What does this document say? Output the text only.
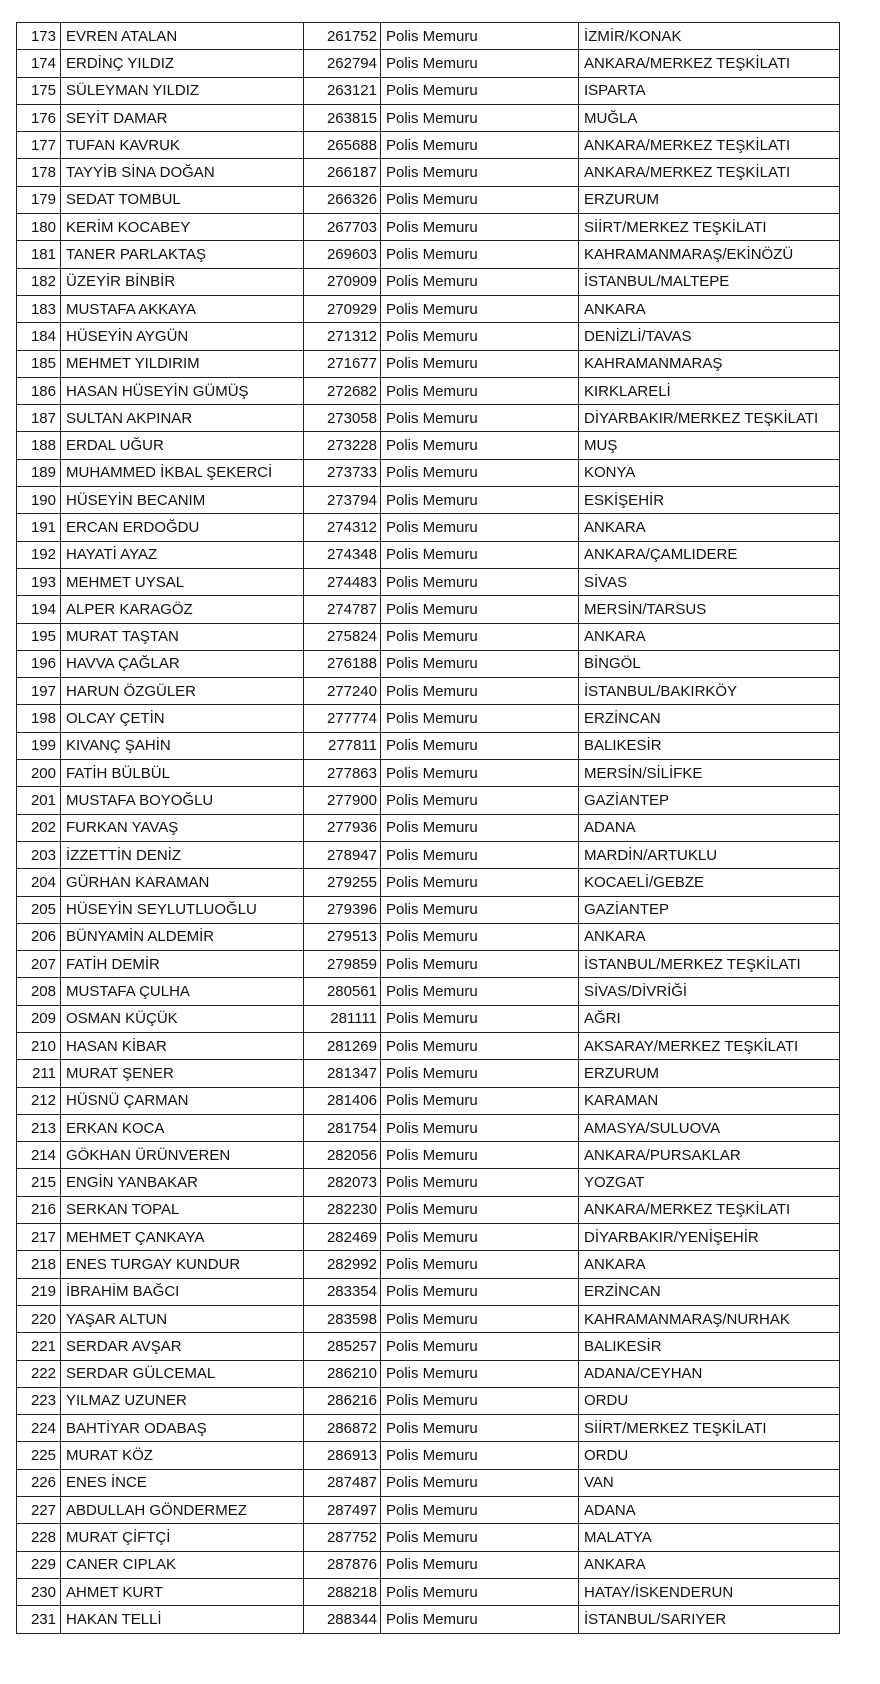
173	EVREN ATALAN	261752	Polis Memuru	İZMİR/KONAK
174	ERDİNÇ YILDIZ	262794	Polis Memuru	ANKARA/MERKEZ TEŞKİLATI
175	SÜLEYMAN YILDIZ	263121	Polis Memuru	ISPARTA
176	SEYİT DAMAR	263815	Polis Memuru	MUĞLA
177	TUFAN KAVRUK	265688	Polis Memuru	ANKARA/MERKEZ TEŞKİLATI
178	TAYYİB SİNA DOĞAN	266187	Polis Memuru	ANKARA/MERKEZ TEŞKİLATI
179	SEDAT TOMBUL	266326	Polis Memuru	ERZURUM
180	KERİM KOCABEY	267703	Polis Memuru	SİİRT/MERKEZ TEŞKİLATI
181	TANER PARLAKTAŞ	269603	Polis Memuru	KAHRAMANMARAŞ/EKİNÖZÜ
182	ÜZEYİR BİNBİR	270909	Polis Memuru	İSTANBUL/MALTEPE
183	MUSTAFA AKKAYA	270929	Polis Memuru	ANKARA
184	HÜSEYİN AYGÜN	271312	Polis Memuru	DENİZLİ/TAVAS
185	MEHMET YILDIRIM	271677	Polis Memuru	KAHRAMANMARAŞ
186	HASAN HÜSEYİN GÜMÜŞ	272682	Polis Memuru	KIRKLARELİ
187	SULTAN AKPINAR	273058	Polis Memuru	DİYARBAKIR/MERKEZ TEŞKİLATI
188	ERDAL UĞUR	273228	Polis Memuru	MUŞ
189	MUHAMMED İKBAL ŞEKERCİ	273733	Polis Memuru	KONYA
190	HÜSEYİN BECANIM	273794	Polis Memuru	ESKİŞEHİR
191	ERCAN ERDOĞDU	274312	Polis Memuru	ANKARA
192	HAYATİ AYAZ	274348	Polis Memuru	ANKARA/ÇAMLIDERE
193	MEHMET UYSAL	274483	Polis Memuru	SİVAS
194	ALPER KARAGÖZ	274787	Polis Memuru	MERSİN/TARSUS
195	MURAT TAŞTAN	275824	Polis Memuru	ANKARA
196	HAVVA ÇAĞLAR	276188	Polis Memuru	BİNGÖL
197	HARUN ÖZGÜLER	277240	Polis Memuru	İSTANBUL/BAKIRKÖY
198	OLCAY ÇETİN	277774	Polis Memuru	ERZİNCAN
199	KIVANÇ ŞAHİN	277811	Polis Memuru	BALIKESİR
200	FATİH BÜLBÜL	277863	Polis Memuru	MERSİN/SİLİFKE
201	MUSTAFA BOYOĞLU	277900	Polis Memuru	GAZİANTEP
202	FURKAN YAVAŞ	277936	Polis Memuru	ADANA
203	İZZETTİN DENİZ	278947	Polis Memuru	MARDİN/ARTUKLU
204	GÜRHAN KARAMAN	279255	Polis Memuru	KOCAELİ/GEBZE
205	HÜSEYİN SEYLUTLUOĞLU	279396	Polis Memuru	GAZİANTEP
206	BÜNYAMİN ALDEMİR	279513	Polis Memuru	ANKARA
207	FATİH DEMİR	279859	Polis Memuru	İSTANBUL/MERKEZ TEŞKİLATI
208	MUSTAFA ÇULHA	280561	Polis Memuru	SİVAS/DİVRİĞİ
209	OSMAN KÜÇÜK	281111	Polis Memuru	AĞRI
210	HASAN KİBAR	281269	Polis Memuru	AKSARAY/MERKEZ TEŞKİLATI
211	MURAT ŞENER	281347	Polis Memuru	ERZURUM
212	HÜSNÜ ÇARMAN	281406	Polis Memuru	KARAMAN
213	ERKAN KOCA	281754	Polis Memuru	AMASYA/SULUOVA
214	GÖKHAN ÜRÜNVEREN	282056	Polis Memuru	ANKARA/PURSAKLAR
215	ENGİN YANBAKAR	282073	Polis Memuru	YOZGAT
216	SERKAN TOPAL	282230	Polis Memuru	ANKARA/MERKEZ TEŞKİLATI
217	MEHMET ÇANKAYA	282469	Polis Memuru	DİYARBAKIR/YENİŞEHİR
218	ENES TURGAY KUNDUR	282992	Polis Memuru	ANKARA
219	İBRAHİM BAĞCI	283354	Polis Memuru	ERZİNCAN
220	YAŞAR ALTUN	283598	Polis Memuru	KAHRAMANMARAŞ/NURHAK
221	SERDAR AVŞAR	285257	Polis Memuru	BALIKESİR
222	SERDAR GÜLCEMAL	286210	Polis Memuru	ADANA/CEYHAN
223	YILMAZ UZUNER	286216	Polis Memuru	ORDU
224	BAHTİYAR ODABAŞ	286872	Polis Memuru	SİİRT/MERKEZ TEŞKİLATI
225	MURAT KÖZ	286913	Polis Memuru	ORDU
226	ENES İNCE	287487	Polis Memuru	VAN
227	ABDULLAH GÖNDERMEZ	287497	Polis Memuru	ADANA
228	MURAT ÇİFTÇİ	287752	Polis Memuru	MALATYA
229	CANER CIPLAK	287876	Polis Memuru	ANKARA
230	AHMET KURT	288218	Polis Memuru	HATAY/İSKENDERUN
231	HAKAN TELLİ	288344	Polis Memuru	İSTANBUL/SARIYER
